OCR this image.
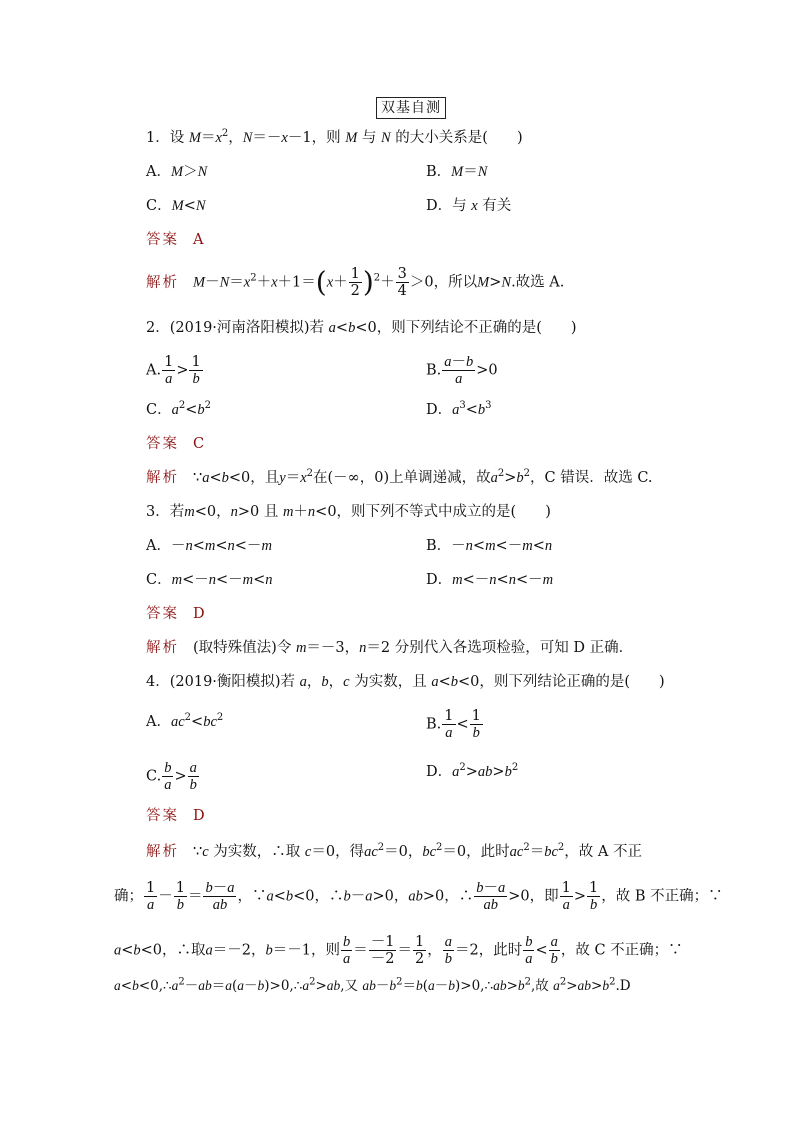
双基自测
1．设 $M=x^2$，N＝－x－1，则 M 与 N 的大小关系是(　　)
A．M＞N	B．M＝N
C．M<N	D．与 x 有关
答案 A
解析 $M-N=x^2+x+1=(x+ \frac{1}{2} )^2+ \frac{3}{4} >0$，所以M>N.故选 A.
2．(2019·河南洛阳模拟)若 a<b<0，则下列结论不正确的是(　　)
A. $\frac{1}{a} > \frac{1}{b}$	B. $\frac{a-b}{a} >0$
C．$a^2<b^2$	D．$a^3<b^3$
答案 C
解析 ∵a<b<0，且$y=x^2$在(－∞，0)上单调递减，故$a^2>b^2$，C 错误．故选 C.
3．若m<0，n>0 且 m＋n<0，则下列不等式中成立的是(　　)
A．－n<m<n<－m	B．－n<m<－m<n
C．m<－n<－m<n	D．m<－n<n<－m
答案 D
解析 (取特殊值法)令 m＝－3，n＝2 分别代入各选项检验，可知 D 正确．
4．(2019·衡阳模拟)若 a，b，c 为实数，且 a<b<0，则下列结论正确的是(　　)
A．$ac^2<bc^2$	B. $\frac{1}{a} < \frac{1}{b}$
C. $\frac{b}{a} > \frac{a}{b}$	D．$a^2>ab>b^2$
答案 D
解析 ∵c 为实数，∴取 c＝0，得$ac^2=0$，$bc^2=0$，此时$ac^2=bc^2$，故 A 不正
确； $\frac{1}{a} - \frac{1}{b} = \frac{b-a}{ab}$ ，∵a<b<0，∴b－a>0，ab>0，∴ $\frac{b-a}{ab} >0$，即 $\frac{1}{a} > \frac{1}{b}$ ，故 B 不正确；∵
a<b<0，∴取a＝－2，b＝－1，则 $\frac{b}{a} = \frac{-1}{-2} = \frac{1}{2}$ ， $\frac{a}{b} =2$，此时 $\frac{b}{a} < \frac{a}{b}$ ，故 C 不正确；∵
$a<b<0,\therefore a^2-ab=a(a-b)>0,\therefore a^2>ab$,又 $ab-b^2=b(a-b)>0,\therefore ab>b^2$,故 $a^2>ab>b^2.D$
